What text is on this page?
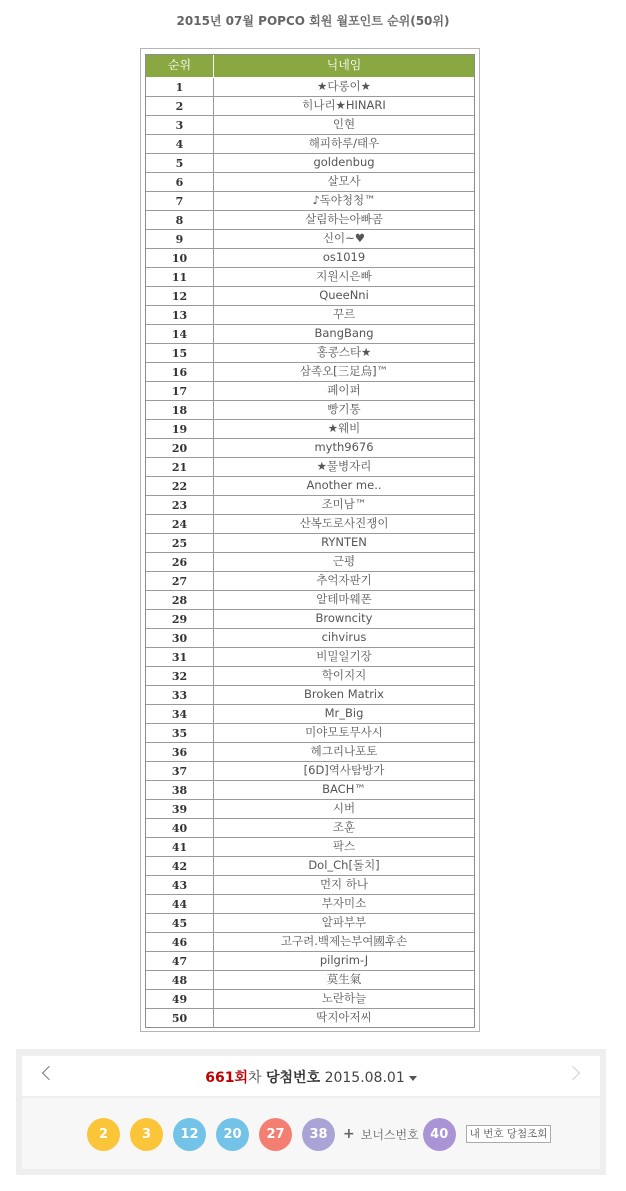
2015년 07월 POPCO 회원 월포인트 순위(50위)
순위	닉네임
1	★다롱이★
2	히나리★HINARI
3	인현
4	해피하루/태우
5	goldenbug
6	살모사
7	♪독야청청™
8	살림하는아빠곰
9	신이~♥
10	os1019
11	지원시은빠
12	QueeNni
13	꾸르
14	BangBang
15	홍콩스타★
16	삼족오[三足烏]™
17	페이퍼
18	빵기통
19	★웨비
20	myth9676
21	★물병자리
22	Another me..
23	조미남™
24	산복도로사진쟁이
25	RYNTEN
26	근평
27	추억자판기
28	알테마웨폰
29	Browncity
30	cihvirus
31	비밀일기장
32	학이지지
33	Broken Matrix
34	Mr_Big
35	미야모토무사시
36	헤그리나포토
37	[6D]역사탐방가
38	BACH™
39	시버
40	조훈
41	팍스
42	Dol_Ch[돌치]
43	먼지 하나
44	부자미소
45	알파부부
46	고구려.백제는부여國후손
47	pilgrim-J
48	莫生氣
49	노란하늘
50	딱지아저씨
661회차 당첨번호 2015.08.01
2	3	12	20	27	38	+ 보너스번호 40	내 번호 당첨조회
